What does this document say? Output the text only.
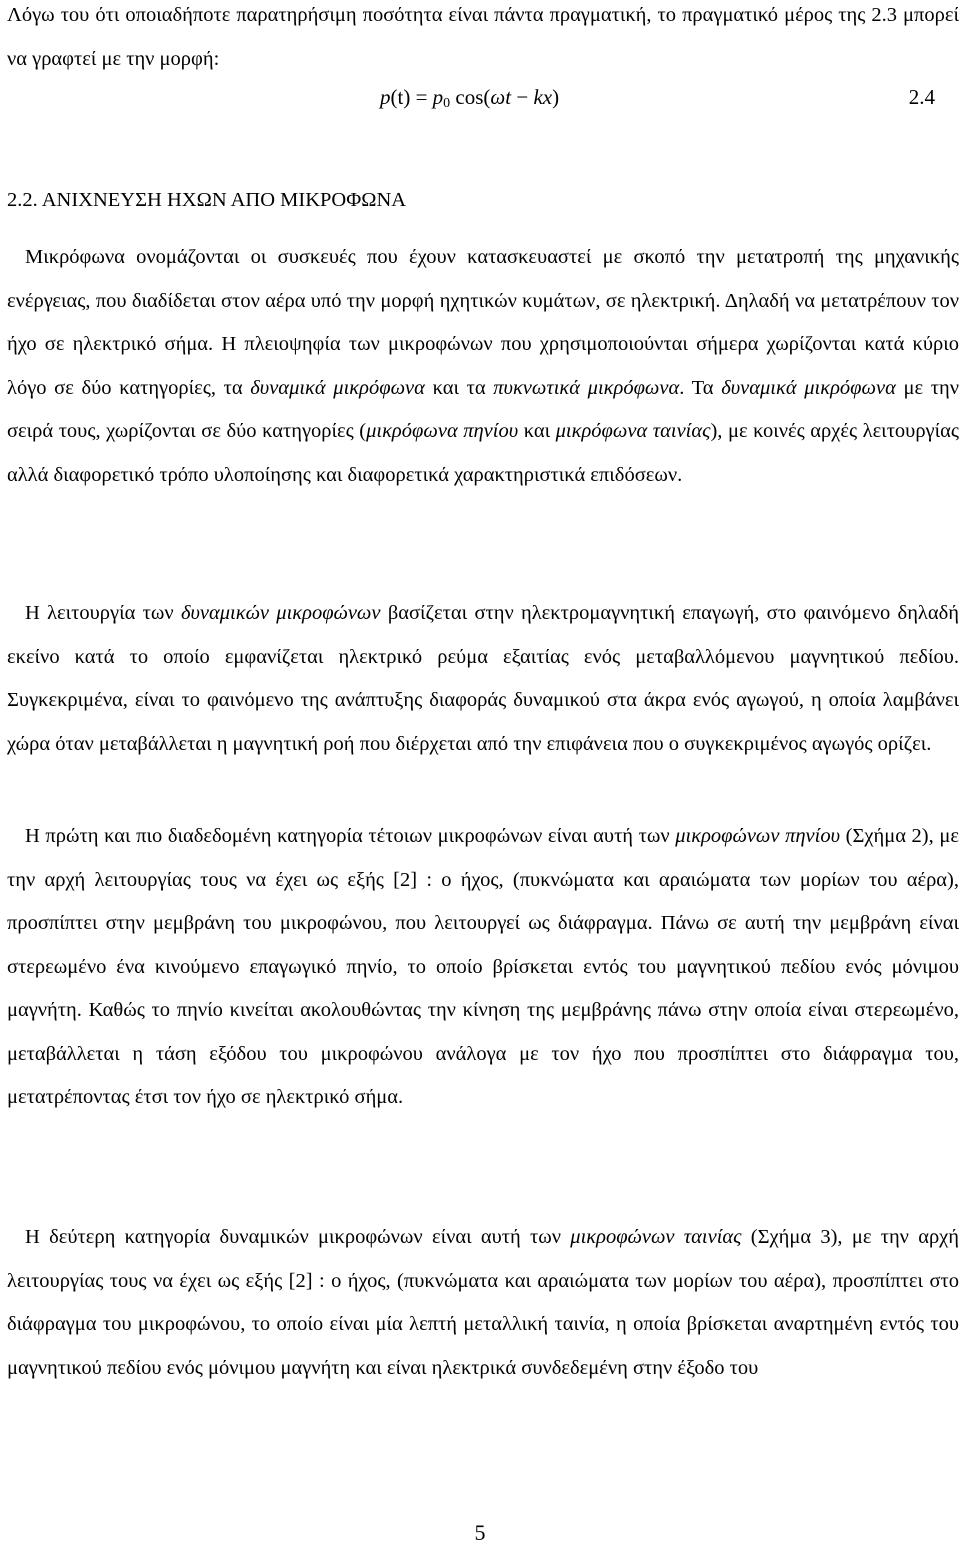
Λόγω του ότι οποιαδήποτε παρατηρήσιμη ποσότητα είναι πάντα πραγματική, το πραγματικό μέρος της 2.3 μπορεί να γραφτεί με την μορφή:

$p(t) = p_0$ cos(ωt − kx)	2.4
2.2. ΑΝΙΧΝΕΥΣΗ ΗΧΩΝ ΑΠΟ ΜΙΚΡΟΦΩΝΑ

Μικρόφωνα ονομάζονται οι συσκευές που έχουν κατασκευαστεί με σκοπό την μετατροπή της μηχανικής ενέργειας, που διαδίδεται στον αέρα υπό την μορφή ηχητικών κυμάτων, σε ηλεκτρική. Δηλαδή να μετατρέπουν τον ήχο σε ηλεκτρικό σήμα. Η πλειοψηφία των μικροφώνων που χρησιμοποιούνται σήμερα χωρίζονται κατά κύριο λόγο σε δύο κατηγορίες, τα δυναμικά μικρόφωνα και τα πυκνωτικά μικρόφωνα. Τα δυναμικά μικρόφωνα με την σειρά τους, χωρίζονται σε δύο κατηγορίες (μικρόφωνα πηνίου και μικρόφωνα ταινίας), με κοινές αρχές λειτουργίας αλλά διαφορετικό τρόπο υλοποίησης και διαφορετικά χαρακτηριστικά επιδόσεων.

Η λειτουργία των δυναμικών μικροφώνων βασίζεται στην ηλεκτρομαγνητική επαγωγή, στο φαινόμενο δηλαδή εκείνο κατά το οποίο εμφανίζεται ηλεκτρικό ρεύμα εξαιτίας ενός μεταβαλλόμενου μαγνητικού πεδίου. Συγκεκριμένα, είναι το φαινόμενο της ανάπτυξης διαφοράς δυναμικού στα άκρα ενός αγωγού, η οποία λαμβάνει χώρα όταν μεταβάλλεται η μαγνητική ροή που διέρχεται από την επιφάνεια που ο συγκεκριμένος αγωγός ορίζει.

Η πρώτη και πιο διαδεδομένη κατηγορία τέτοιων μικροφώνων είναι αυτή των μικροφώνων πηνίου (Σχήμα 2), με την αρχή λειτουργίας τους να έχει ως εξής [2] : ο ήχος, (πυκνώματα και αραιώματα των μορίων του αέρα), προσπίπτει στην μεμβράνη του μικροφώνου, που λειτουργεί ως διάφραγμα. Πάνω σε αυτή την μεμβράνη είναι στερεωμένο ένα κινούμενο επαγωγικό πηνίο, το οποίο βρίσκεται εντός του μαγνητικού πεδίου ενός μόνιμου μαγνήτη. Καθώς το πηνίο κινείται ακολουθώντας την κίνηση της μεμβράνης πάνω στην οποία είναι στερεωμένο, μεταβάλλεται η τάση εξόδου του μικροφώνου ανάλογα με τον ήχο που προσπίπτει στο διάφραγμα του, μετατρέποντας έτσι τον ήχο σε ηλεκτρικό σήμα.

Η δεύτερη κατηγορία δυναμικών μικροφώνων είναι αυτή των μικροφώνων ταινίας (Σχήμα 3), με την αρχή λειτουργίας τους να έχει ως εξής [2] : ο ήχος, (πυκνώματα και αραιώματα των μορίων του αέρα), προσπίπτει στο διάφραγμα του μικροφώνου, το οποίο είναι μία λεπτή μεταλλική ταινία, η οποία βρίσκεται αναρτημένη εντός του μαγνητικού πεδίου ενός μόνιμου μαγνήτη και είναι ηλεκτρικά συνδεδεμένη στην έξοδο του

5
